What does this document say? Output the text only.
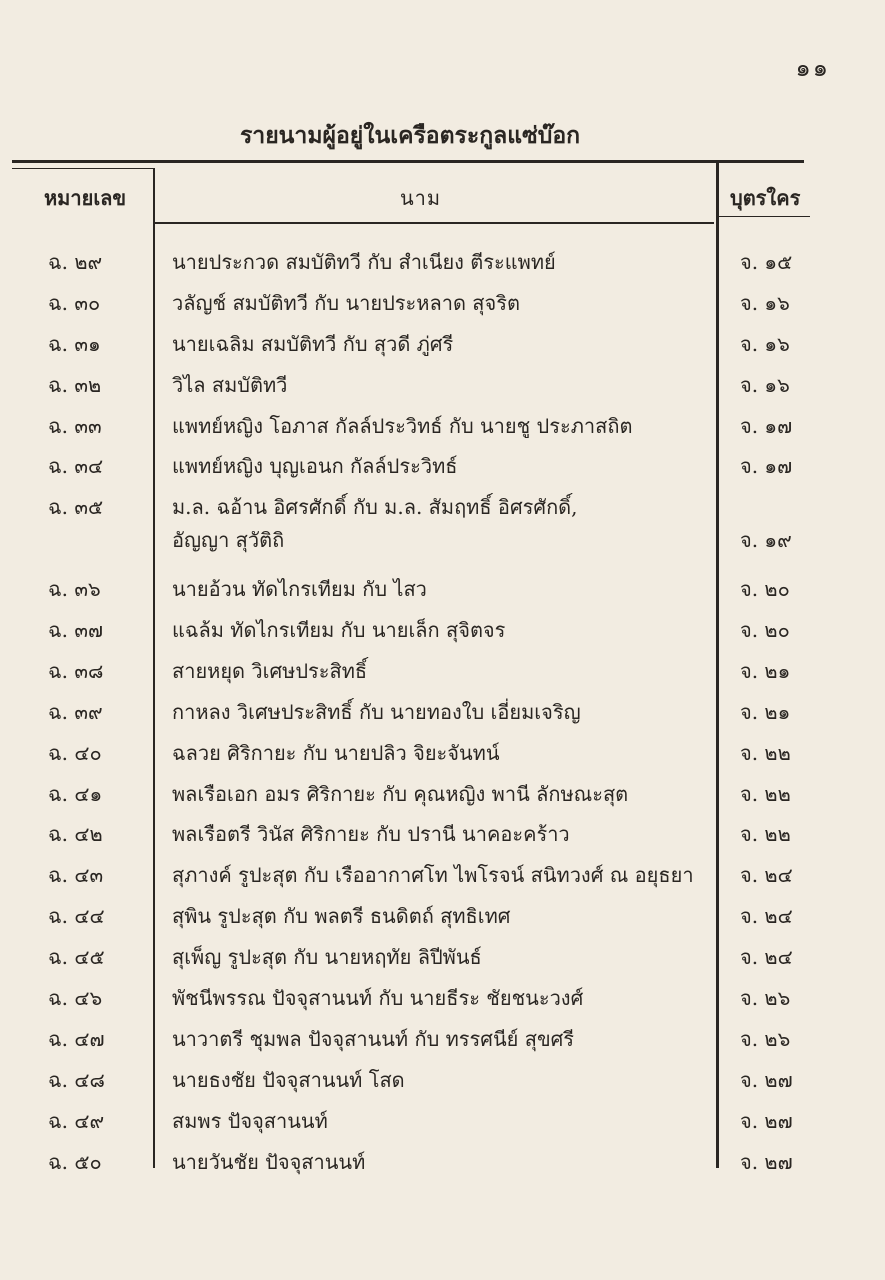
๑๑
รายนามผู้อยู่ในเครือตระกูลแซ่บ๊อก
หมายเลข	นาม	บุตรใคร
ฉ. ๒๙	นายประกวด สมบัติทวี กับ สำเนียง ตีระแพทย์	จ. ๑๕
ฉ. ๓๐	วลัญช์ สมบัติทวี กับ นายประหลาด สุจริต	จ. ๑๖
ฉ. ๓๑	นายเฉลิม สมบัติทวี กับ สุวดี ภู่ศรี	จ. ๑๖
ฉ. ๓๒	วิไล สมบัติทวี	จ. ๑๖
ฉ. ๓๓	แพทย์หญิง โอภาส กัลล์ประวิทธ์ กับ นายชู ประภาสถิต	จ. ๑๗
ฉ. ๓๔	แพทย์หญิง บุญเอนก กัลล์ประวิทธ์	จ. ๑๗
ฉ. ๓๕	ม.ล. ฉอ้าน อิศรศักดิ์ กับ ม.ล. สัมฤทธิ์ อิศรศักดิ์,
อัญญา สุวัติถิ	จ. ๑๙
ฉ. ๓๖	นายอ้วน ทัดไกรเทียม กับ ไสว	จ. ๒๐
ฉ. ๓๗	แฉล้ม ทัดไกรเทียม กับ นายเล็ก สุจิตจร	จ. ๒๐
ฉ. ๓๘	สายหยุด วิเศษประสิทธิ์	จ. ๒๑
ฉ. ๓๙	กาหลง วิเศษประสิทธิ์ กับ นายทองใบ เอี่ยมเจริญ	จ. ๒๑
ฉ. ๔๐	ฉลวย ศิริกายะ กับ นายปลิว จิยะจันทน์	จ. ๒๒
ฉ. ๔๑	พลเรือเอก อมร ศิริกายะ กับ คุณหญิง พานี ลักษณะสุต	จ. ๒๒
ฉ. ๔๒	พลเรือตรี วินัส ศิริกายะ กับ ปรานี นาคอะคร้าว	จ. ๒๒
ฉ. ๔๓	สุภางค์ รูปะสุต กับ เรืออากาศโท ไพโรจน์ สนิทวงศ์ ณ อยุธยา	จ. ๒๔
ฉ. ๔๔	สุพิน รูปะสุต กับ พลตรี ธนดิตถ์ สุทธิเทศ	จ. ๒๔
ฉ. ๔๕	สุเพ็ญ รูปะสุต กับ นายหฤทัย ลิปีพันธ์	จ. ๒๔
ฉ. ๔๖	พัชนีพรรณ ปัจจุสานนท์ กับ นายธีระ ชัยชนะวงศ์	จ. ๒๖
ฉ. ๔๗	นาวาตรี ชุมพล ปัจจุสานนท์ กับ ทรรศนีย์ สุขศรี	จ. ๒๖
ฉ. ๔๘	นายธงชัย ปัจจุสานนท์ โสด	จ. ๒๗
ฉ. ๔๙	สมพร ปัจจุสานนท์	จ. ๒๗
ฉ. ๕๐	นายวันชัย ปัจจุสานนท์	จ. ๒๗
